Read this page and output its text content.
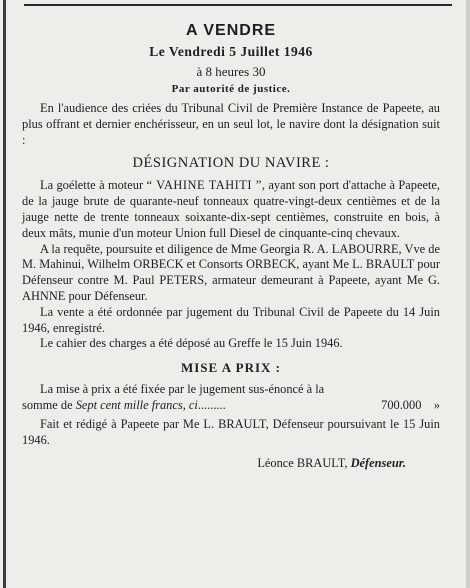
A VENDRE
Le Vendredi 5 Juillet 1946
à 8 heures 30
Par autorité de justice.

En l'audience des criées du Tribunal Civil de Première Instance de Papeete, au plus offrant et dernier enchérisseur, en un seul lot, le navire dont la désignation suit :

DÉSIGNATION DU NAVIRE :

La goélette à moteur “ VAHINE TAHITI ”, ayant son port d'attache à Papeete, de la jauge brute de quarante-neuf tonneaux quatre-vingt-deux centièmes et de la jauge nette de trente tonneaux soixante-dix-sept centièmes, construite en bois, à deux mâts, munie d'un moteur Union full Diesel de cinquante-cinq chevaux.

A la requête, poursuite et diligence de Mme Georgia R. A. LABOURRE, Vve de M. Mahinui, Wilhelm ORBECK et Consorts ORBECK, ayant Me L. BRAULT pour Défenseur contre M. Paul PETERS, armateur demeurant à Papeete, ayant Me G. AHNNE pour Défenseur.

La vente a été ordonnée par jugement du Tribunal Civil de Papeete du 14 Juin 1946, enregistré.

Le cahier des charges a été déposé au Greffe le 15 Juin 1946.

MISE A PRIX :

La mise à prix a été fixée par le jugement sus-énoncé à la

somme de Sept cent mille francs, ci.........	700.000 »

Fait et rédigé à Papeete par Me L. BRAULT, Défenseur poursuivant le 15 Juin 1946.

Léonce BRAULT, Défenseur.
